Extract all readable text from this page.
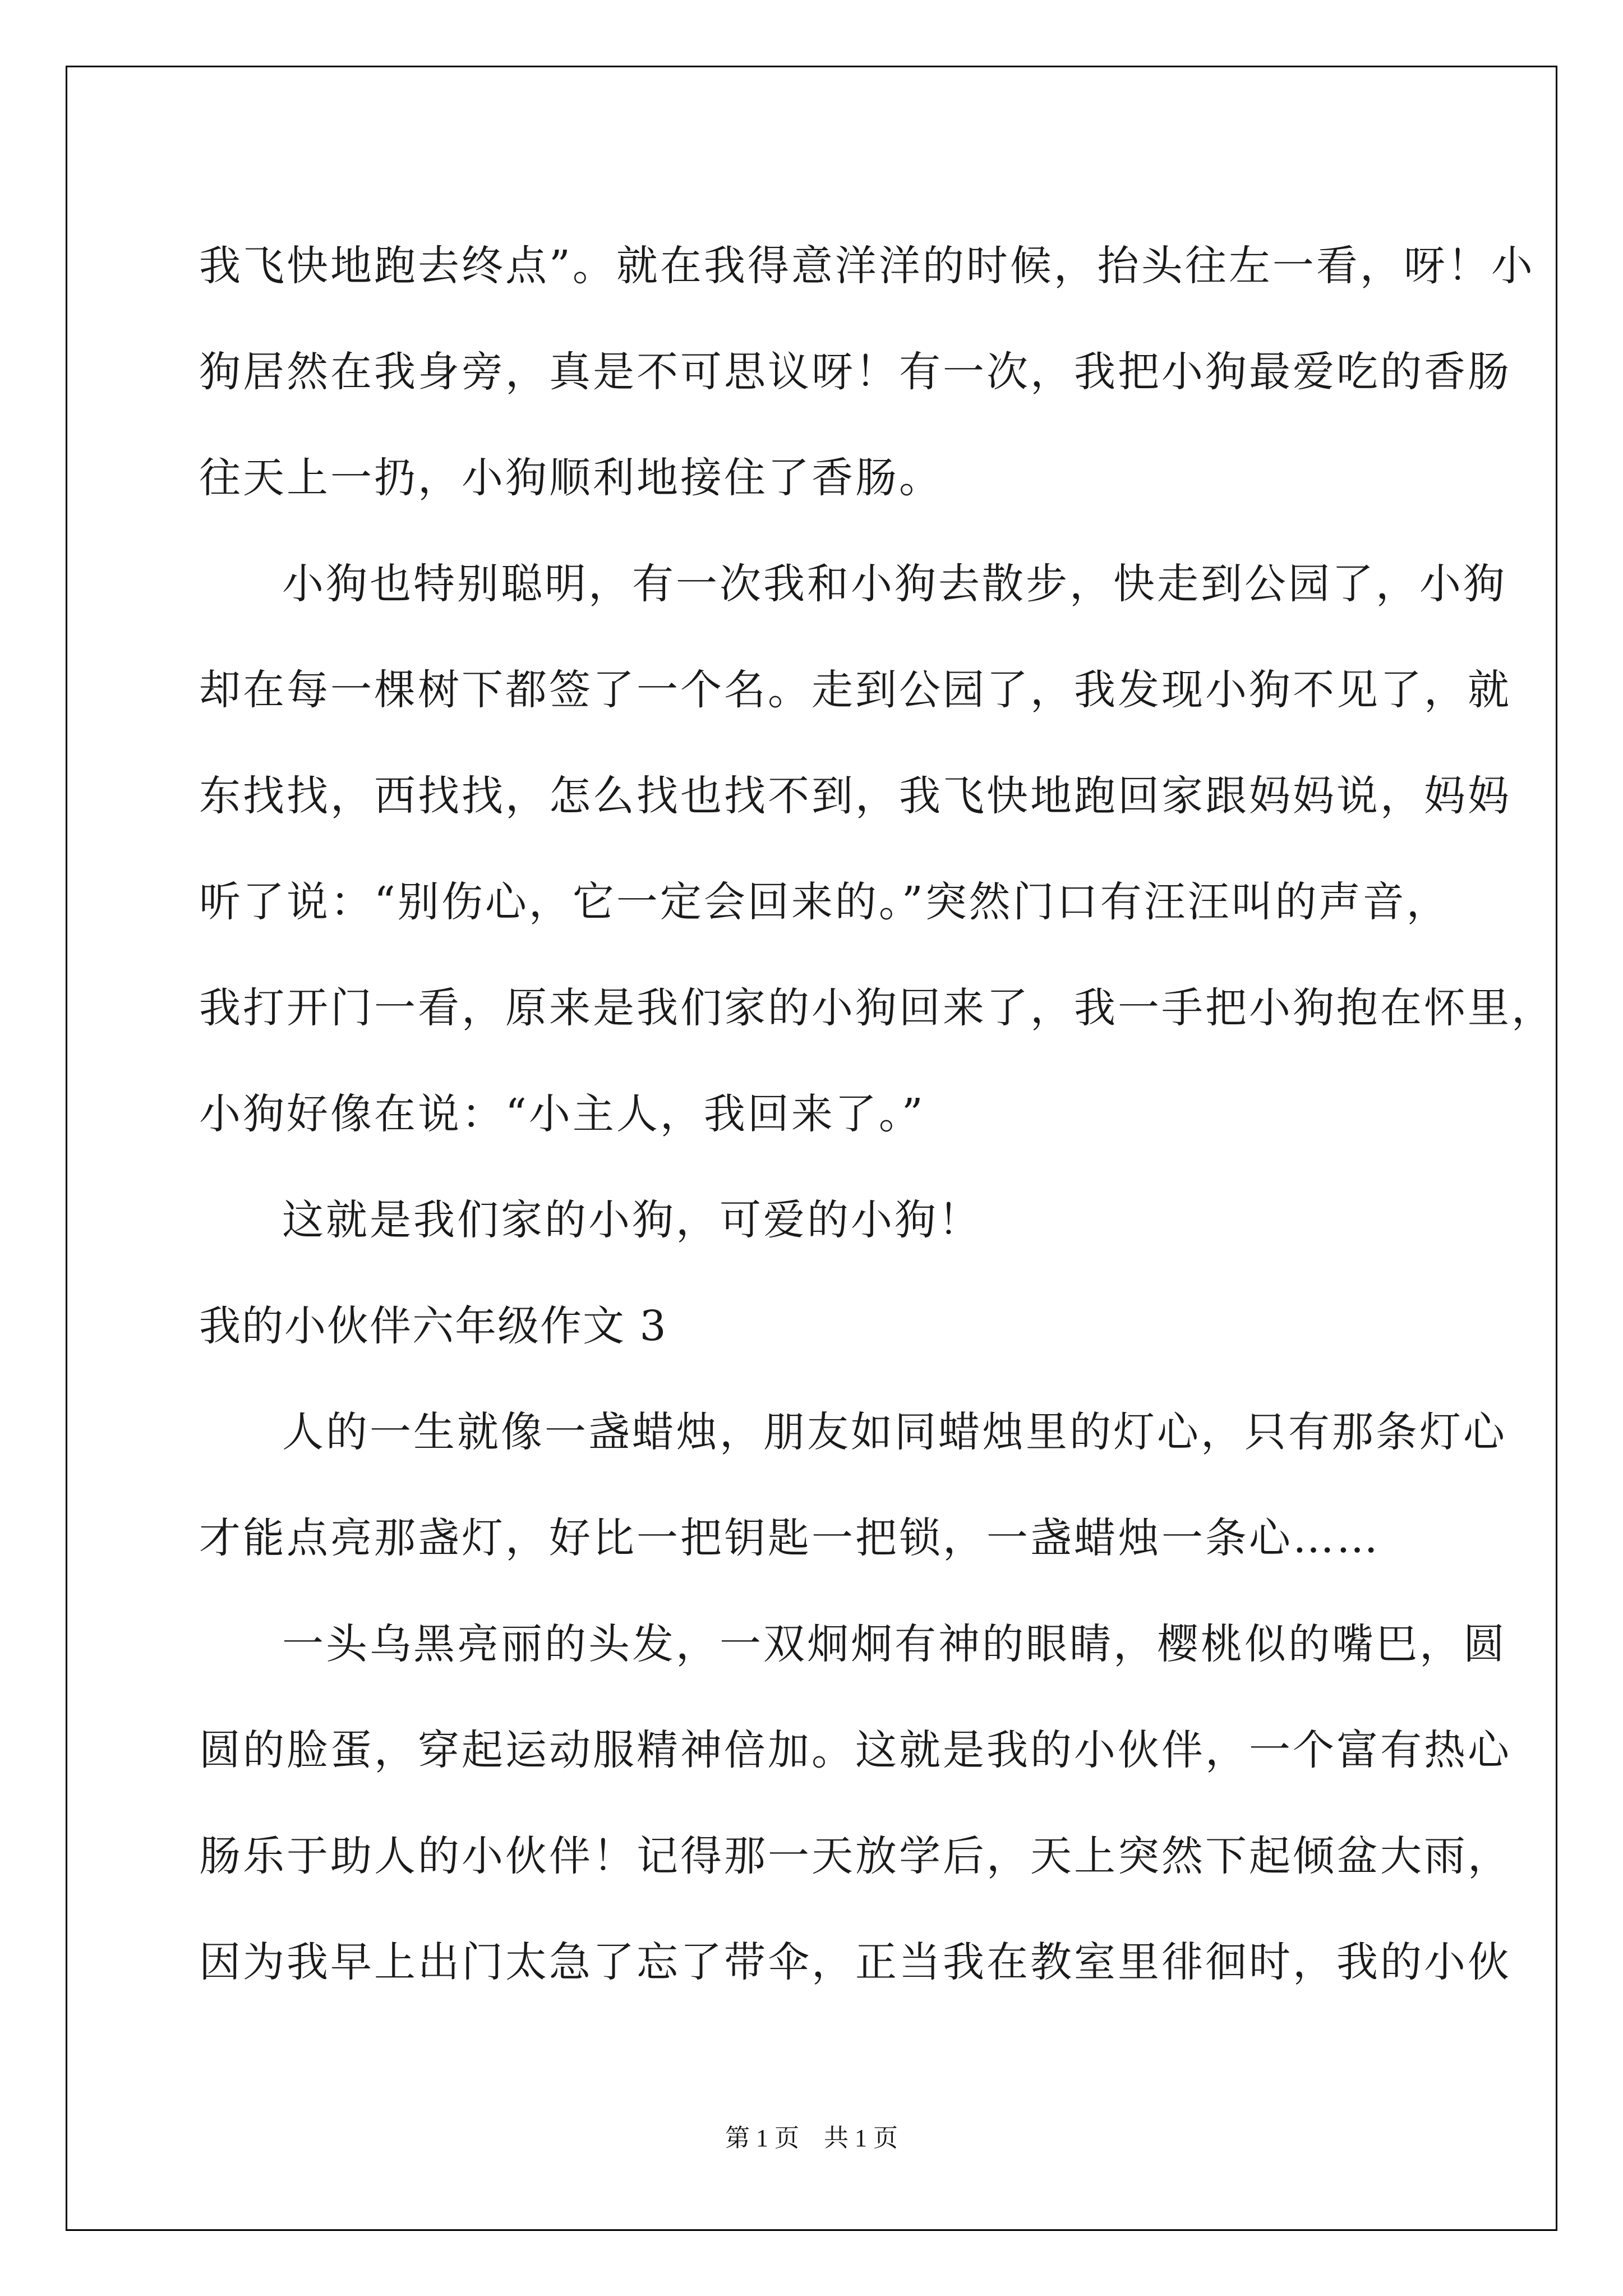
我飞快地跑去终点”。就在我得意洋洋的时候，抬头往左一看，呀！小
狗居然在我身旁，真是不可思议呀！有一次，我把小狗最爱吃的香肠
往天上一扔，小狗顺利地接住了香肠。
小狗也特别聪明，有一次我和小狗去散步，快走到公园了，小狗
却在每一棵树下都签了一个名。走到公园了，我发现小狗不见了，就
东找找，西找找，怎么找也找不到，我飞快地跑回家跟妈妈说，妈妈
听了说：“别伤心，它一定会回来的。”突然门口有汪汪叫的声音，
我打开门一看，原来是我们家的小狗回来了，我一手把小狗抱在怀里，
小狗好像在说：“小主人，我回来了。”
这就是我们家的小狗，可爱的小狗！
我的小伙伴六年级作文 3
人的一生就像一盏蜡烛，朋友如同蜡烛里的灯心，只有那条灯心
才能点亮那盏灯，好比一把钥匙一把锁，一盏蜡烛一条心……
一头乌黑亮丽的头发，一双炯炯有神的眼睛，樱桃似的嘴巴，圆
圆的脸蛋，穿起运动服精神倍加。这就是我的小伙伴，一个富有热心
肠乐于助人的小伙伴！记得那一天放学后，天上突然下起倾盆大雨，
因为我早上出门太急了忘了带伞，正当我在教室里徘徊时，我的小伙
第 1 页　共 1 页
